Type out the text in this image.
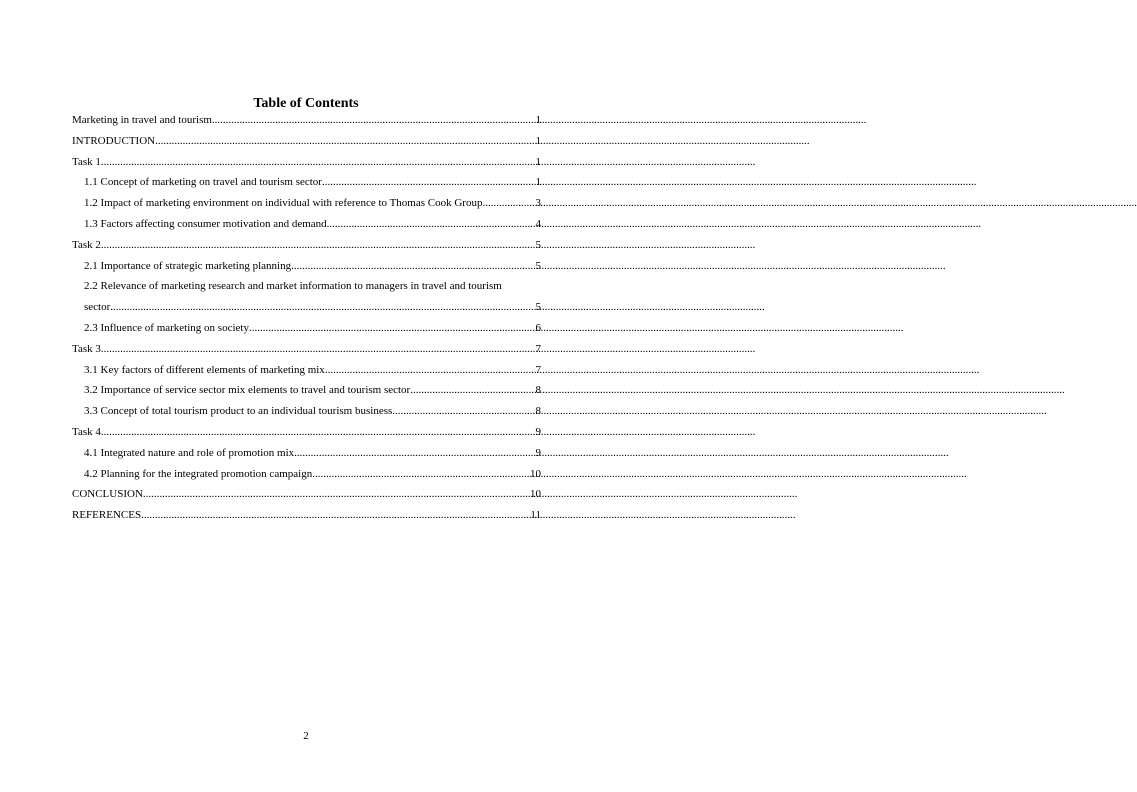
Table of Contents
Marketing in travel and tourism .....	1
INTRODUCTION .....	1
Task 1 .....	1
1.1 Concept of marketing on travel and tourism sector .....	1
1.2 Impact of marketing environment on individual with reference to Thomas Cook Group .....	3
1.3 Factors affecting consumer motivation and demand .....	4
Task 2 .....	5
2.1 Importance of strategic marketing planning .....	5
2.2 Relevance of marketing research and market information to managers in travel and tourism
sector .....	5
2.3 Influence of marketing on society .....	6
Task 3 .....	7
3.1 Key factors of different elements of marketing mix .....	7
3.2 Importance of service sector mix elements to travel and tourism sector .....	8
3.3 Concept of total tourism product to an individual tourism business .....	8
Task 4 .....	9
4.1 Integrated nature and role of promotion mix .....	9
4.2 Planning for the integrated promotion campaign .....	10
CONCLUSION .....	10
REFERENCES .....	11
2
